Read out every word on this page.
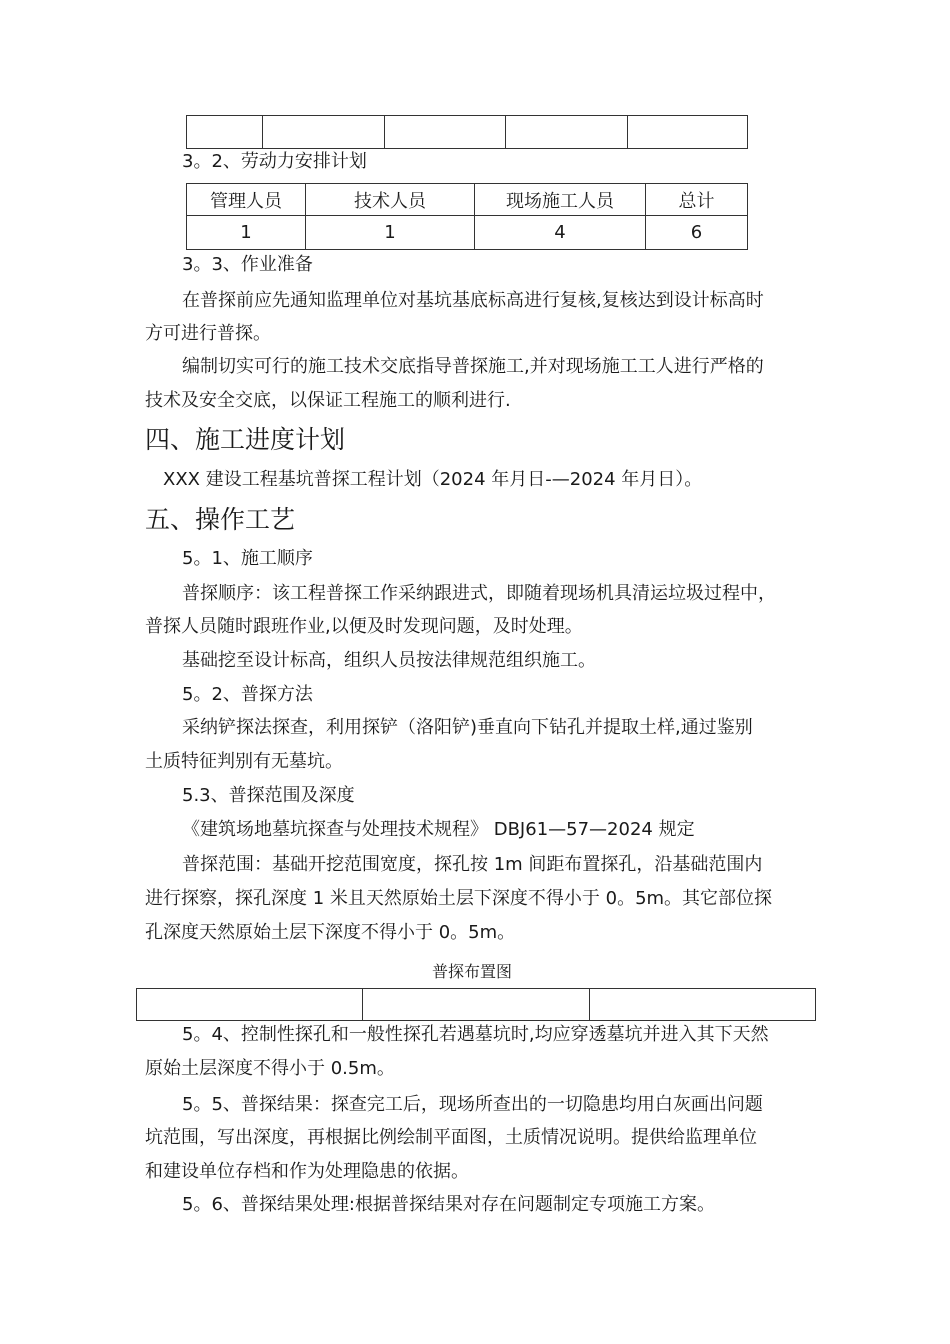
3。2、劳动力安排计划
管理人员	技术人员	现场施工人员	总计
1	1	4	6
3。3、作业准备
在普探前应先通知监理单位对基坑基底标高进行复核,复核达到设计标高时
方可进行普探。
编制切实可行的施工技术交底指导普探施工,并对现场施工工人进行严格的
技术及安全交底，以保证工程施工的顺利进行.
四、施工进度计划
XXX 建设工程基坑普探工程计划（2024 年月日-—2024 年月日）。
五、操作工艺
5。1、施工顺序
普探顺序：该工程普探工作采纳跟进式，即随着现场机具清运垃圾过程中，
普探人员随时跟班作业,以便及时发现问题，及时处理。
基础挖至设计标高，组织人员按法律规范组织施工。
5。2、普探方法
采纳铲探法探查，利用探铲（洛阳铲)垂直向下钻孔并提取土样,通过鉴别
土质特征判别有无墓坑。
5.3、普探范围及深度
《建筑场地墓坑探查与处理技术规程》 DBJ61—57—2024 规定
普探范围：基础开挖范围宽度，探孔按 1m 间距布置探孔，沿基础范围内
进行探察，探孔深度 1 米且天然原始土层下深度不得小于 0。5m。其它部位探
孔深度天然原始土层下深度不得小于 0。5m。
普探布置图

5。4、控制性探孔和一般性探孔若遇墓坑时,均应穿透墓坑并进入其下天然
原始土层深度不得小于 0.5m。
5。5、普探结果：探查完工后，现场所查出的一切隐患均用白灰画出问题
坑范围，写出深度，再根据比例绘制平面图，土质情况说明。提供给监理单位
和建设单位存档和作为处理隐患的依据。
5。6、普探结果处理:根据普探结果对存在问题制定专项施工方案。
